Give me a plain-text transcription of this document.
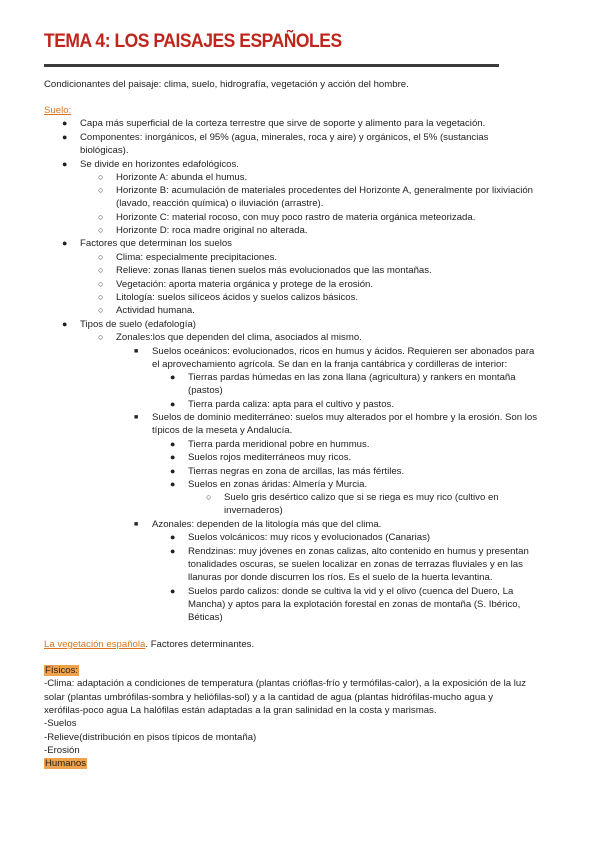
TEMA 4: LOS PAISAJES ESPAÑOLES
Condicionantes del paisaje: clima, suelo, hidrografía, vegetación y acción del hombre.
Suelo:
● Capa más superficial de la corteza terrestre que sirve de soporte y alimento para la vegetación.
● Componentes: inorgánicos, el 95% (agua, minerales, roca y aire) y orgánicos, el 5% (sustancias
biológicas).
● Se divide en horizontes edafológicos.
○ Horizonte A: abunda el humus.
○ Horizonte B: acumulación de materiales procedentes del Horizonte A, generalmente por lixiviación
(lavado, reacción química) o iluviación (arrastre).
○ Horizonte C: material rocoso, con muy poco rastro de materia orgánica meteorizada.
○ Horizonte D: roca madre original no alterada.
● Factores que determinan los suelos
○ Clima: especialmente precipitaciones.
○ Relieve: zonas llanas tienen suelos más evolucionados que las montañas.
○ Vegetación: aporta materia orgánica y protege de la erosión.
○ Litología: suelos silíceos ácidos y suelos calizos básicos.
○ Actividad humana.
● Tipos de suelo (edafología)
○ Zonales:los que dependen del clima, asociados al mismo.
■ Suelos oceánicos: evolucionados, ricos en humus y ácidos. Requieren ser abonados para
el aprovechamiento agrícola. Se dan en la franja cantábrica y cordilleras de interior:
● Tierras pardas húmedas en las zona llana (agricultura) y rankers en montaña
(pastos)
● Tierra parda caliza: apta para el cultivo y pastos.
■ Suelos de dominio mediterráneo: suelos muy alterados por el hombre y la erosión. Son los
típicos de la meseta y Andalucía.
● Tierra parda meridional pobre en hummus.
● Suelos rojos mediterráneos muy ricos.
● Tierras negras en zona de arcillas, las más fértiles.
● Suelos en zonas áridas: Almería y Murcia.
○ Suelo gris desértico calizo que si se riega es muy rico (cultivo en
invernaderos)
■ Azonales: dependen de la litología más que del clima.
● Suelos volcánicos: muy ricos y evolucionados (Canarias)
● Rendzinas: muy jóvenes en zonas calizas, alto contenido en humus y presentan
tonalidades oscuras, se suelen localizar en zonas de terrazas fluviales y en las
llanuras por donde discurren los ríos. Es el suelo de la huerta levantina.
● Suelos pardo calizos: donde se cultiva la vid y el olivo (cuenca del Duero, La
Mancha) y aptos para la explotación forestal en zonas de montaña (S. Ibérico,
Béticas)
La vegetación española. Factores determinantes.
Físicos:
-Clima: adaptación a condiciones de temperatura (plantas crióflas-frío y termófilas-calor), a la exposición de la luz
solar (plantas umbrófilas-sombra y heliófilas-sol) y a la cantidad de agua (plantas hidrófilas-mucho agua y
xerófilas-poco agua La halófilas están adaptadas a la gran salinidad en la costa y marismas.
-Suelos
-Relieve(distribución en pisos típicos de montaña)
-Erosión
Humanos
